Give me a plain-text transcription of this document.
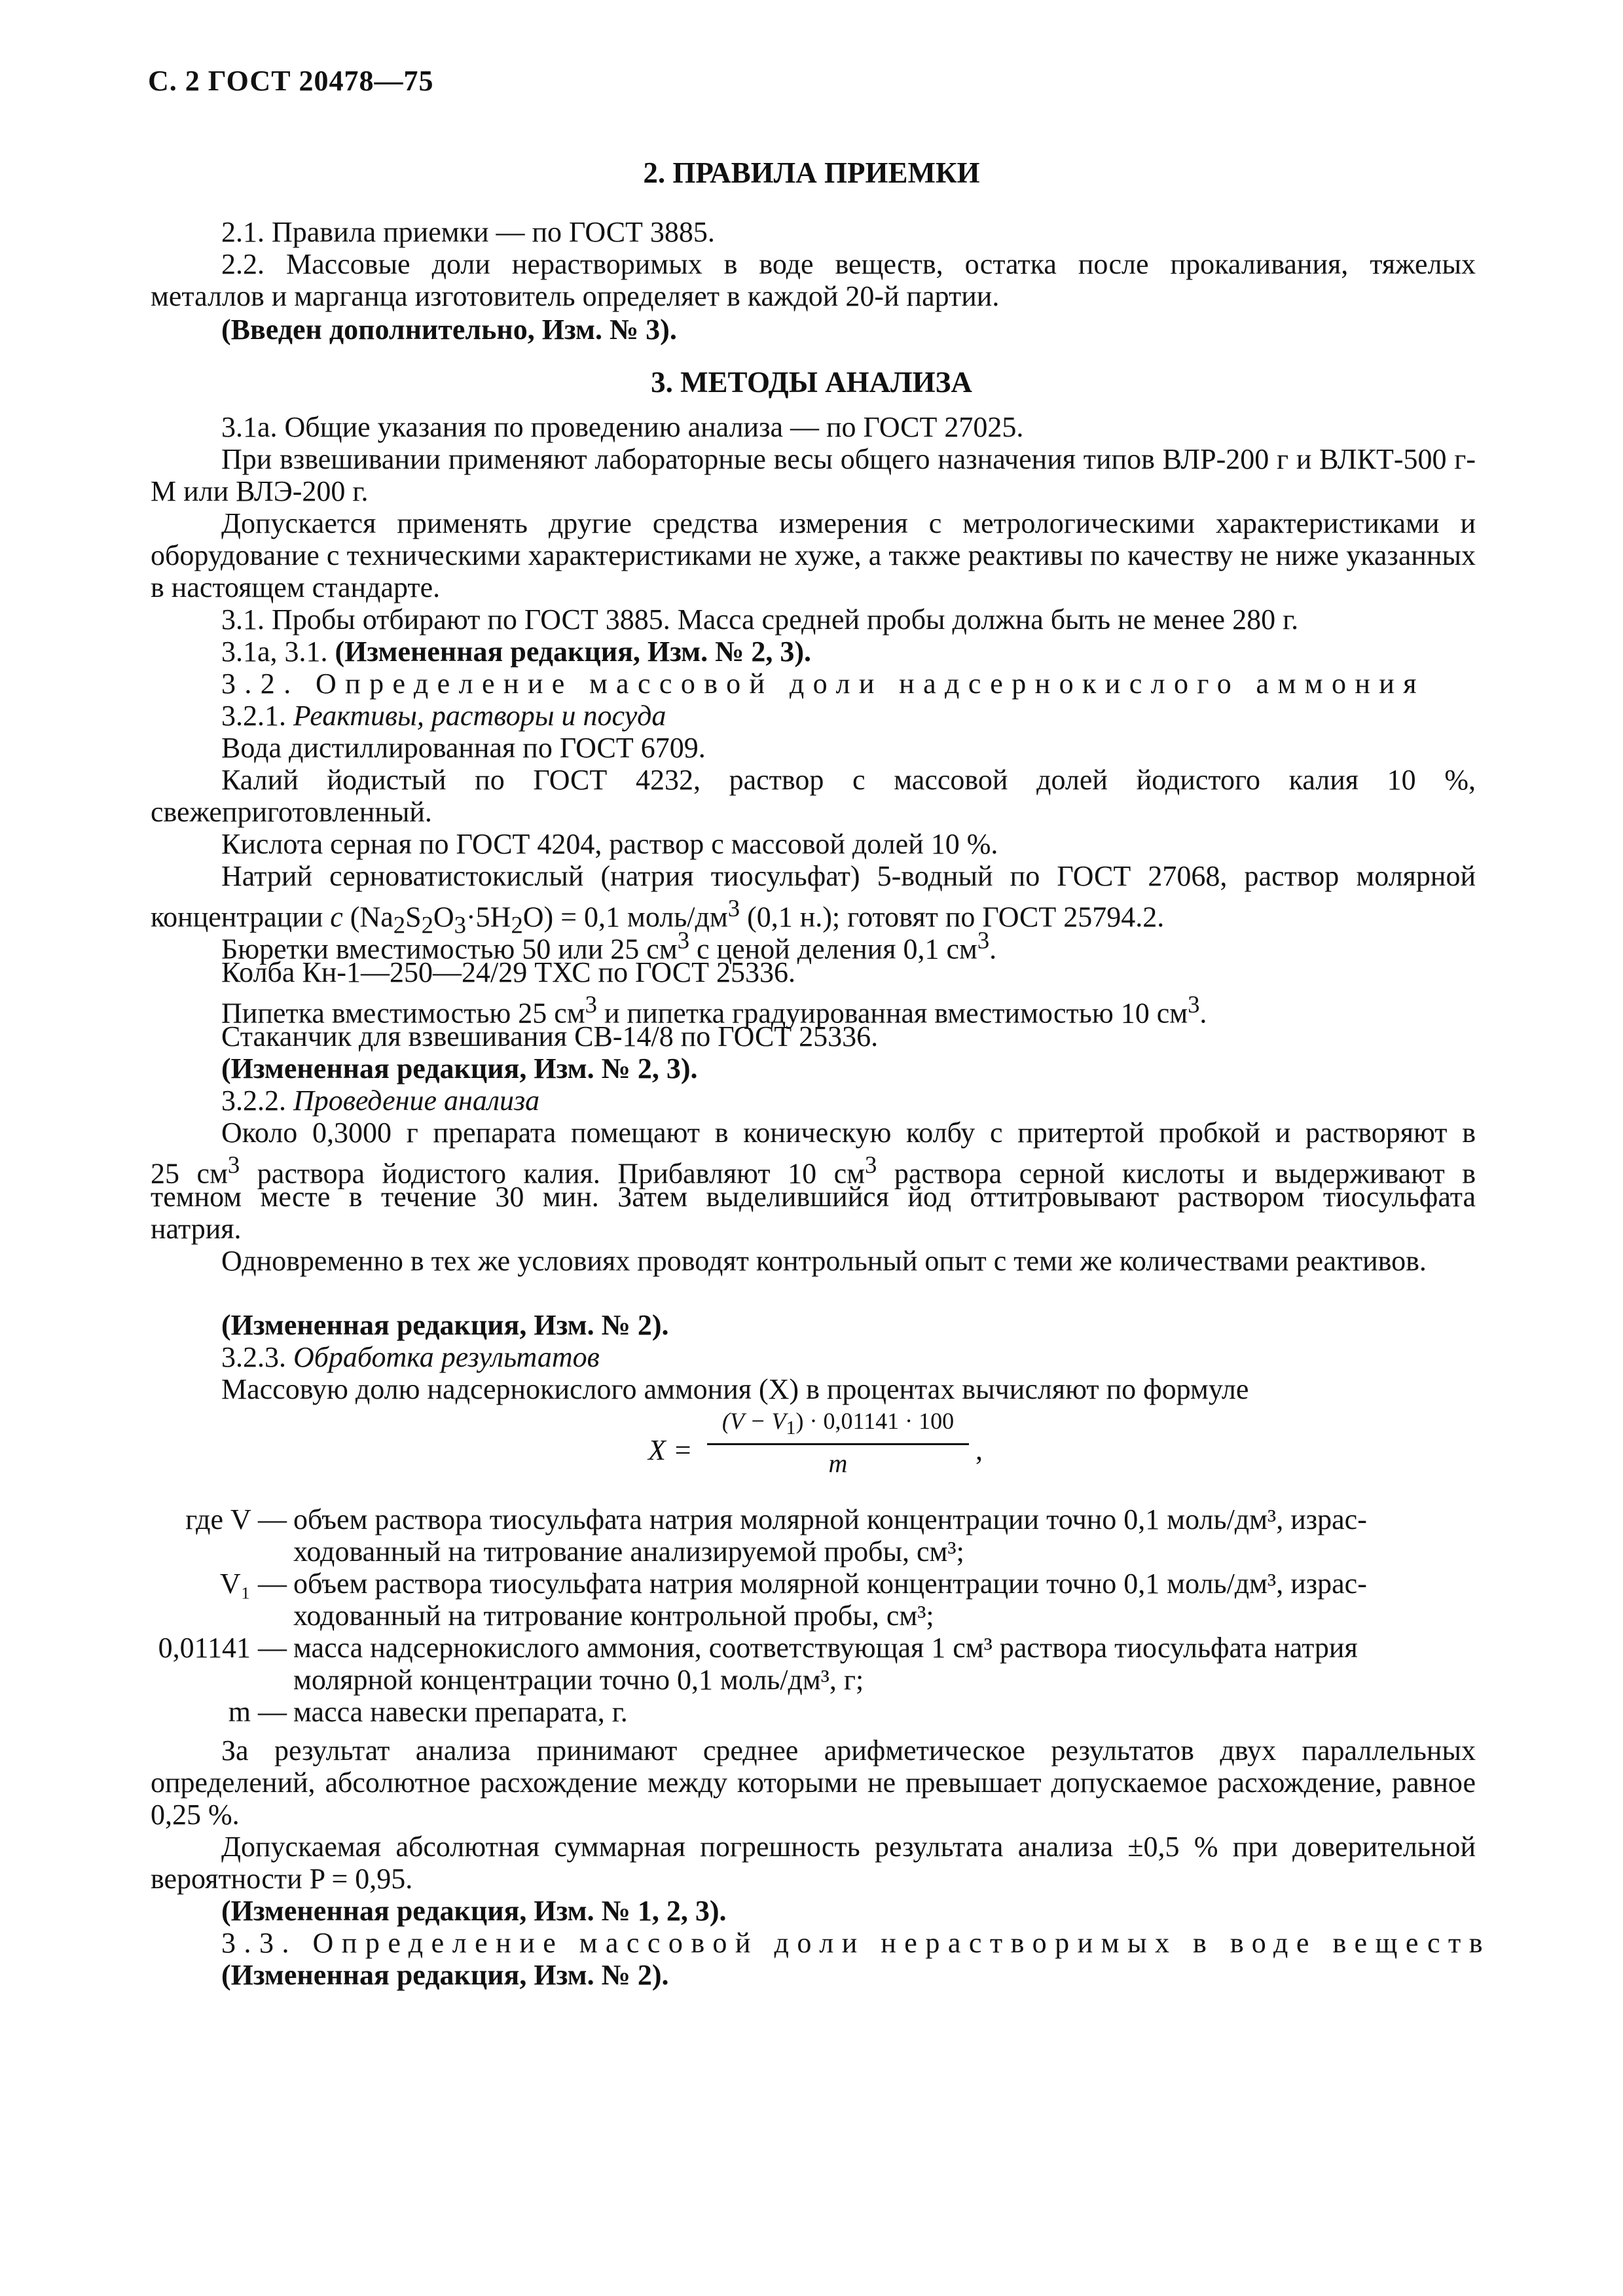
С. 2 ГОСТ 20478—75
2. ПРАВИЛА ПРИЕМКИ
2.1. Правила приемки — по ГОСТ 3885.
2.2. Массовые доли нерастворимых в воде веществ, остатка после прокаливания, тяжелых
металлов и марганца изготовитель определяет в каждой 20-й партии.
(Введен дополнительно, Изм. № 3).
3. МЕТОДЫ АНАЛИЗА
3.1а. Общие указания по проведению анализа — по ГОСТ 27025.
При взвешивании применяют лабораторные весы общего назначения типов ВЛР-200 г и ВЛКТ-500 г-М или ВЛЭ-200 г.
Допускается применять другие средства измерения с метрологическими характеристиками и оборудование с техническими характеристиками не хуже, а также реактивы по качеству не ниже указанных в настоящем стандарте.
3.1. Пробы отбирают по ГОСТ 3885. Масса средней пробы должна быть не менее 280 г.
3.1а, 3.1. (Измененная редакция, Изм. № 2, 3).
3.2. Определение массовой доли надсернокислого аммония
3.2.1. Реактивы, растворы и посуда
Вода дистиллированная по ГОСТ 6709.
Калий йодистый по ГОСТ 4232, раствор с массовой долей йодистого калия 10 %, свежеприготовленный.
Кислота серная по ГОСТ 4204, раствор с массовой долей 10 %.
Натрий серноватистокислый (натрия тиосульфат) 5-водный по ГОСТ 27068, раствор молярной
концентрации c $(Na_2S_2O_3\cdot 5H_2O) = 0,1$ моль/$дм^3$ (0,1 н.); готовят по ГОСТ 25794.2.
Бюретки вместимостью 50 или 25 $см^3$ с ценой деления 0,1 $см^3$.
Колба Кн-1—250—24/29 ТХС по ГОСТ 25336.
Пипетка вместимостью 25 $см^3$ и пипетка градуированная вместимостью 10 $см^3$.
Стаканчик для взвешивания СВ-14/8 по ГОСТ 25336.
(Измененная редакция, Изм. № 2, 3).
3.2.2. Проведение анализа
Около 0,3000 г препарата помещают в коническую колбу с притертой пробкой и растворяют в
25 $см^3$ раствора йодистого калия. Прибавляют 10 $см^3$ раствора серной кислоты и выдерживают в
темном месте в течение 30 мин. Затем выделившийся йод оттитровывают раствором тиосульфата
натрия.
Одновременно в тех же условиях проводят контрольный опыт с теми же количествами реактивов.
(Измененная редакция, Изм. № 2).
3.2.3. Обработка результатов
Массовую долю надсернокислого аммония (X) в процентах вычисляют по формуле
X =
$(V - V_1) \cdot 0,01141 \cdot 100$
m	,
где V — объем раствора тиосульфата натрия молярной концентрации точно 0,1 моль/дм³, израс-
ходованный на титрование анализируемой пробы, см³;
V₁ — объем раствора тиосульфата натрия молярной концентрации точно 0,1 моль/дм³, израс-
ходованный на титрование контрольной пробы, см³;
0,01141 — масса надсернокислого аммония, соответствующая 1 см³ раствора тиосульфата натрия
молярной концентрации точно 0,1 моль/дм³, г;
m — масса навески препарата, г.
За результат анализа принимают среднее арифметическое результатов двух параллельных определений, абсолютное расхождение между которыми не превышает допускаемое расхождение, равное 0,25 %.
Допускаемая абсолютная суммарная погрешность результата анализа ±0,5 % при доверительной вероятности P = 0,95.
(Измененная редакция, Изм. № 1, 2, 3).
3.3. Определение массовой доли нерастворимых в воде веществ
(Измененная редакция, Изм. № 2).
